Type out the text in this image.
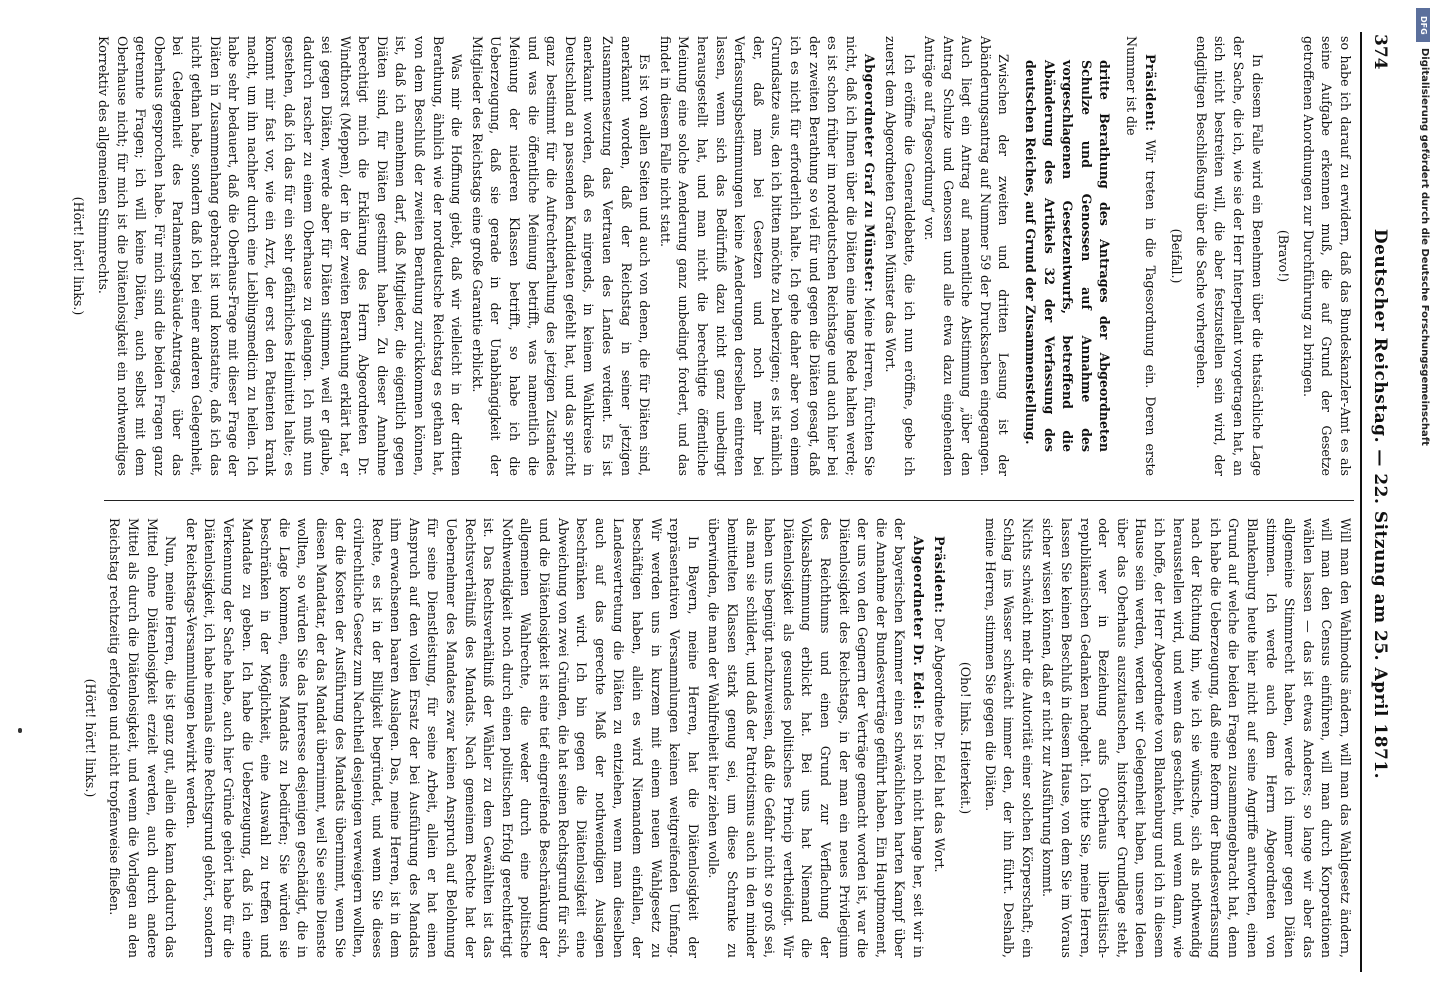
374
Deutscher Reichstag. — 22. Sitzung am 25. April 1871.

so habe ich darauf zu erwidern, daß das Bundeskanzler-Amt es als seine Aufgabe erkennen muß, die auf Grund der Gesetze getroffenen Anordnungen zur Durchführung zu bringen.

(Bravo!)

In diesem Falle wird ein Benehmen über die thatsächliche Lage der Sache, die ich, wie sie der Herr Interpellant vorgetragen hat, an sich nicht bestreiten will, die aber festzustellen sein wird, der endgiltigen Beschließung über die Sache vorhergehen.

(Beifall.)

Präsident: Wir treten in die Tagesordnung ein. Deren erste Nummer ist die

dritte Berathung des Antrages der Abgeordneten Schulze und Genossen auf Annahme des vorgeschlagenen Gesetzentwurfs, betreffend die Abänderung des Artikels 32 der Verfassung des deutschen Reiches, auf Grund der Zusammenstellung.

Zwischen der zweiten und dritten Lesung ist der Abänderungsantrag auf Nummer 59 der Drucksachen eingegangen. Auch liegt ein Antrag auf namentliche Abstimmung „über den Antrag Schulze und Genossen und alle etwa dazu eingehenden Anträge auf Tagesordnung“ vor.

Ich eröffne die Generaldebatte, die ich nun eröffne, gebe ich zuerst dem Abgeordneten Grafen Münster das Wort.

Abgeordneter Graf zu Münster: Meine Herren, fürchten Sie nicht, daß ich Ihnen über die Diäten eine lange Rede halten werde; es ist schon früher im norddeutschen Reichstage und auch hier bei der zweiten Berathung so viel für und gegen die Diäten gesagt, daß ich es nicht für erforderlich halte. Ich gehe daher aber von einem Grundsatze aus, den ich bitten möchte zu beherzigen; es ist nämlich der, daß man bei Gesetzen und noch mehr bei Verfassungsbestimmungen keine Aenderungen derselben eintreten lassen, wenn sich das Bedürfniß dazu nicht ganz unbedingt herausgestellt hat, und man nicht die berechtigte öffentliche Meinung eine solche Aenderung ganz unbedingt fordert, und das findet in diesem Falle nicht statt.

Es ist von allen Seiten und auch von denen, die für Diäten sind, anerkannt worden, daß der Reichstag in seiner jetzigen Zusammensetzung das Vertrauen des Landes verdient. Es ist anerkannt worden, daß es nirgends, in keinem Wahlkreise in Deutschland an passenden Kandidaten gefehlt hat, und das spricht ganz bestimmt für die Aufrechterhaltung des jetzigen Zustandes und was die öffentliche Meinung betrifft, was namentlich die Meinung der niederen Klassen betrifft, so habe ich die Ueberzeugung, daß sie gerade in der Unabhängigkeit der Mitglieder des Reichstags eine große Garantie erblickt.

Was mir die Hoffnung giebt, daß wir vielleicht in der dritten Berathung, ähnlich wie der norddeutsche Reichstag es gethan hat, von dem Beschluß der zweiten Berathung zurückkommen können, ist, daß ich annehmen darf, daß Mitglieder, die eigentlich gegen Diäten sind, für Diäten gestimmt haben. Zu dieser Annahme berechtigt mich die Erklärung des Herrn Abgeordneten Dr. Windthorst (Meppen), der in der zweiten Berathung erklärt hat, er sei gegen Diäten, werde aber für Diäten stimmen, weil er glaube, dadurch rascher zu einem Oberhause zu gelangen. Ich muß nun gestehen, daß ich das für ein sehr gefährliches Heilmittel halte; es kommt mir fast vor, wie ein Arzt, der erst den Patienten krank macht, um ihn nachher durch eine Lieblingsmedicin zu heilen. Ich habe sehr bedauert, daß die Oberhaus-Frage mit dieser Frage der Diäten in Zusammenhang gebracht ist und konstatire, daß ich das nicht gethan habe, sondern daß ich bei einer anderen Gelegenheit, bei Gelegenheit des Parlamentsgebäude-Antrages, über das Oberhaus gesprochen habe. Für mich sind die beiden Fragen ganz getrennte Fragen; ich will keine Diäten, auch selbst mit dem Oberhause nicht; für mich ist die Diätenlosigkeit ein nothwendiges Korrektiv des allgemeinen Stimmrechts.

(Hört! hört! links.)

Will man den Wahlmodus ändern, will man das Wahlgesetz ändern, will man den Census einführen, will man durch Korporationen wählen lassen — das ist etwas Anderes; so lange wir aber das allgemeine Stimmrecht haben, werde ich immer gegen Diäten stimmen. Ich werde auch dem Herrn Abgeordneten von Blankenburg heute hier nicht auf seine Angriffe antworten, einen Grund auf welche die beiden Fragen zusammengebracht hat, denn ich habe die Ueberzeugung, daß eine Reform der Bundesverfassung nach der Richtung hin, wie ich sie wünsche, sich als nothwendig herausstellen wird, und wenn das geschieht, und wenn dann, wie ich hoffe, der Herr Abgeordnete von Blankenburg und ich in diesem Hause sein werden, werden wir Gelegenheit haben, unsere Ideen über das Oberhaus auszutauschen, historischer Grundlage steht, oder wer in Beziehung aufs Oberhaus liberalistisch-republikanischen Gedanken nachgeht. Ich bitte Sie, meine Herren, lassen Sie keinen Beschluß in diesem Hause, von dem Sie im Voraus sicher wissen können, daß er nicht zur Ausführung kommt.

Nichts schwächt mehr die Autorität einer solchen Körperschaft; ein Schlag ins Wasser schwächt immer den, der ihn führt. Deshalb, meine Herren, stimmen Sie gegen die Diäten.

(Oho! links. Heiterkeit.)

Präsident: Der Abgeordnete Dr. Edel hat das Wort.

Abgeordneter Dr. Edel: Es ist noch nicht lange her, seit wir in der bayerischen Kammer einen schwächlichen harten Kampf über die Annahme der Bundesverträge geführt haben. Ein Hauptmoment, der uns von den Gegnern der Verträge gemacht worden ist, war die Diätenlosigkeit des Reichstags, in der man ein neues Privilegium des Reichthums und einen Grund zur Verflachung der Volksabstimmung erblickt hat. Bei uns hat Niemand die Diätenlosigkeit als gesundes politisches Princip vertheidigt. Wir haben uns begnügt nachzuweisen, daß die Gefahr nicht so groß sei, als man sie schildert, und daß der Patriotismus auch in den minder bemittelten Klassen stark genug sei, um diese Schranke zu überwinden, die man der Wahlfreiheit hier ziehen wolle.

In Bayern, meine Herren, hat die Diätenlosigkeit der repräsentativen Versammlungen keinen weitgreifenden Umfang. Wir werden uns in kurzem mit einem neuen Wahlgesetz zu beschäftigen haben, allein es wird Niemandem einfallen, der Landesvertretung die Diäten zu entziehen, wenn man dieselben auch auf das gerechte Maß der nothwendigen Auslagen beschränken wird. Ich bin gegen die Diätenlosigkeit eine Abweichung von zwei Gründen, die hat seinen Rechtsgrund für sich, und die Diätenlosigkeit ist eine tief eingreifende Beschränkung der allgemeinen Wahlrechte, die weder durch eine politische Nothwendigkeit noch durch einen politischen Erfolg gerechtfertigt ist. Das Rechtsverhältniß der Wähler zu dem Gewählten ist das Rechtsverhältniß des Mandats. Nach gemeinem Rechte hat der Uebernehmer des Mandates zwar keinen Anspruch auf Belohnung für seine Dienstleistung, für seine Arbeit, allein er hat einen Anspruch auf den vollen Ersatz der bei Ausführung des Mandats ihm erwachsenen baaren Auslagen. Das, meine Herren, ist in dem Rechte, es ist in der Billigkeit begründet, und wenn Sie dieses civilrechtliche Gesetz zum Nachtheil desjenigen verweigern wollten, der die Kosten der Ausführung des Mandats übernimmt, wenn Sie diesen Mandatar, der das Mandat übernimmt, weil Sie seine Dienste wollten, so würden Sie das Interesse desjenigen geschädigt, die in die Lage kommen, eines Mandats zu bedürfen; Sie würden sie beschränken in der Möglichkeit, eine Auswahl zu treffen und Mandate zu geben. Ich habe die Ueberzeugung, daß ich eine Verkennung der Sache habe, auch hier Gründe gehört habe für die Diätenlosigkeit, ich habe niemals eine Rechtsgrund gehört, sondern der Reichstags-Versammlungen bewirkt werden.

Nun, meine Herren, die ist ganz gut, allein die kann dadurch das Mittel ohne Diätenlosigkeit erzielt werden, auch durch andere Mittel als durch die Diätenlosigkeit, und wenn die Vorlagen an den Reichstag rechtzeitig erfolgen und nicht tropfenweise fließen.

(Hört! hört! links.)

DFG
Digitalisierung gefördert durch die Deutsche Forschungsgemeinschaft
